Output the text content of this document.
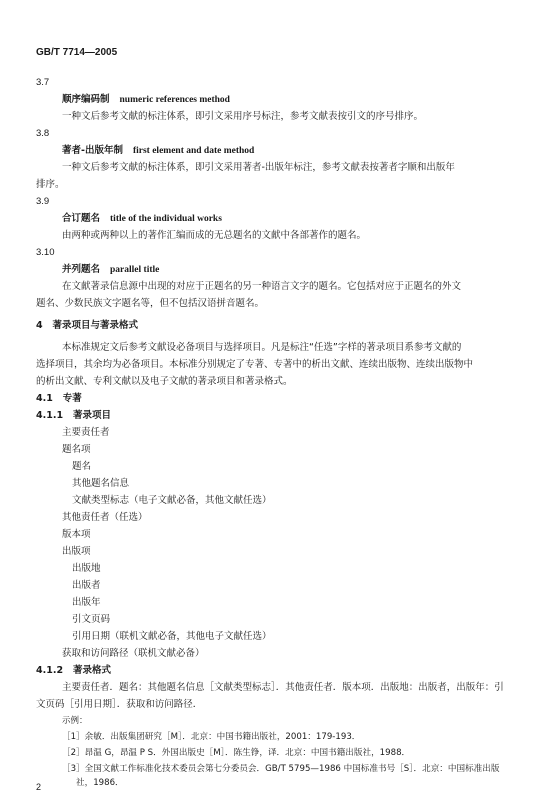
GB/T 7714—2005
3.7
顺序编码制 numeric references method
一种文后参考文献的标注体系，即引文采用序号标注，参考文献表按引文的序号排序。
3.8
著者-出版年制 first element and date method
一种文后参考文献的标注体系，即引文采用著者-出版年标注，参考文献表按著者字顺和出版年
排序。
3.9
合订题名 title of the individual works
由两种或两种以上的著作汇编而成的无总题名的文献中各部著作的题名。
3.10
并列题名 parallel title
在文献著录信息源中出现的对应于正题名的另一种语言文字的题名。它包括对应于正题名的外文
题名、少数民族文字题名等，但不包括汉语拼音题名。
4   著录项目与著录格式
本标准规定文后参考文献设必备项目与选择项目。凡是标注“任选”字样的著录项目系参考文献的
选择项目，其余均为必备项目。本标准分别规定了专著、专著中的析出文献、连续出版物、连续出版物中
的析出文献、专利文献以及电子文献的著录项目和著录格式。
4.1   专著
4.1.1   著录项目
主要责任者
题名项
题名
其他题名信息
文献类型标志（电子文献必备，其他文献任选）
其他责任者（任选）
版本项
出版项
出版地
出版者
出版年
引文页码
引用日期（联机文献必备，其他电子文献任选）
获取和访问路径（联机文献必备）
4.1.2   著录格式
主要责任者．题名：其他题名信息［文献类型标志］．其他责任者．版本项．出版地：出版者，出版年：引
文页码［引用日期］．获取和访问路径．
示例：
［1］余敏．出版集团研究［M］．北京：中国书籍出版社，2001：179-193．
［2］昂温 G，昂温 P S．外国出版史［M］．陈生铮，译．北京：中国书籍出版社，1988．
［3］全国文献工作标准化技术委员会第七分委员会．GB/T 5795—1986 中国标准书号［S］．北京：中国标准出版
社，1986．
2
